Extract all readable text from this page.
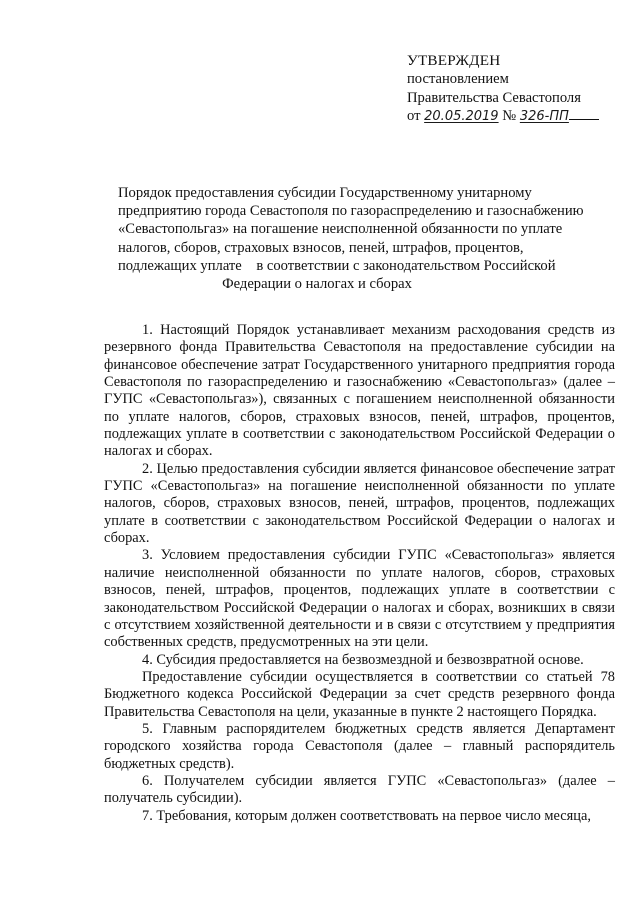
УТВЕРЖДЕН
постановлением
Правительства Севастополя
от 20.05.2019 № 326-ПП
Порядок предоставления субсидии Государственному унитарному
предприятию города Севастополя по газораспределению и газоснабжению
«Севастопольгаз» на погашение неисполненной обязанности по уплате
налогов, сборов, страховых взносов, пеней, штрафов, процентов,
подлежащих уплате    в соответствии с законодательством Российской
Федерации о налогах и сборах

1. Настоящий Порядок устанавливает механизм расходования средств из резервного фонда Правительства Севастополя на предоставление субсидии на финансовое обеспечение затрат Государственного унитарного предприятия города Севастополя по газораспределению и газоснабжению «Севастопольгаз» (далее – ГУПС «Севастопольгаз»), связанных с погашением неисполненной обязанности по уплате налогов, сборов, страховых взносов, пеней, штрафов, процентов, подлежащих уплате в соответствии с законодательством Российской Федерации о налогах и сборах.

2. Целью предоставления субсидии является финансовое обеспечение затрат ГУПС «Севастопольгаз» на погашение неисполненной обязанности по уплате налогов, сборов, страховых взносов, пеней, штрафов, процентов, подлежащих уплате в соответствии с законодательством Российской Федерации о налогах и сборах.

3. Условием предоставления субсидии ГУПС «Севастопольгаз» является наличие неисполненной обязанности по уплате налогов, сборов, страховых взносов, пеней, штрафов, процентов, подлежащих уплате в соответствии с законодательством Российской Федерации о налогах и сборах, возникших в связи с отсутствием хозяйственной деятельности и в связи с отсутствием у предприятия собственных средств, предусмотренных на эти цели.

4. Субсидия предоставляется на безвозмездной и безвозвратной основе.

Предоставление субсидии осуществляется в соответствии со статьей 78 Бюджетного кодекса Российской Федерации за счет средств резервного фонда Правительства Севастополя на цели, указанные в пункте 2 настоящего Порядка.

5. Главным распорядителем бюджетных средств является Департамент городского хозяйства города Севастополя (далее – главный распорядитель бюджетных средств).

6. Получателем субсидии является ГУПС «Севастопольгаз» (далее – получатель субсидии).

7. Требования, которым должен соответствовать на первое число месяца,
